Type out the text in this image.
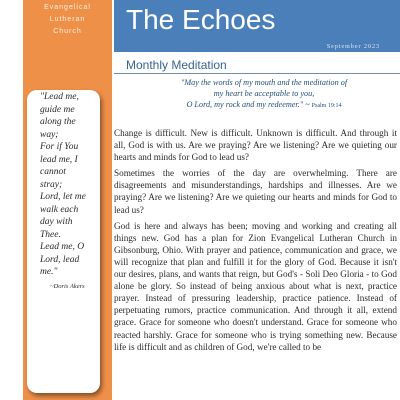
Evangelical
Lutheran
Church
"Lead me,
guide me
along the
way;
For if You
lead me, I
cannot
stray;
Lord, let me
walk each
day with
Thee.
Lead me, O
Lord, lead
me."
~Doris Akers
The Echoes
September 2023
Monthly Meditation
"May the words of my mouth and the meditation of
my heart be acceptable to you,
O Lord, my rock and my redeemer." ~ Psalm 19:14

Change is difficult. New is difficult. Unknown is difficult. And through it all, God is with us. Are we praying? Are we listening? Are we quieting our hearts and minds for God to lead us?

Sometimes the worries of the day are overwhelming. There are disagreements and misunderstandings, hardships and illnesses. Are we praying? Are we listening? Are we quieting our hearts and minds for God to lead us?

God is here and always has been; moving and working and creating all things new. God has a plan for Zion Evangelical Lutheran Church in Gibsonburg, Ohio. With prayer and patience, communication and grace, we will recognize that plan and fulfill it for the glory of God. Because it isn't our desires, plans, and wants that reign, but God's - Soli Deo Gloria - to God alone be glory. So instead of being anxious about what is next, practice prayer. Instead of pressuring leadership, practice patience. Instead of perpetuating rumors, practice communication. And through it all, extend grace. Grace for someone who doesn't understand. Grace for someone who reacted harshly. Grace for someone who is trying something new. Because life is difficult and as children of God, we're called to be
